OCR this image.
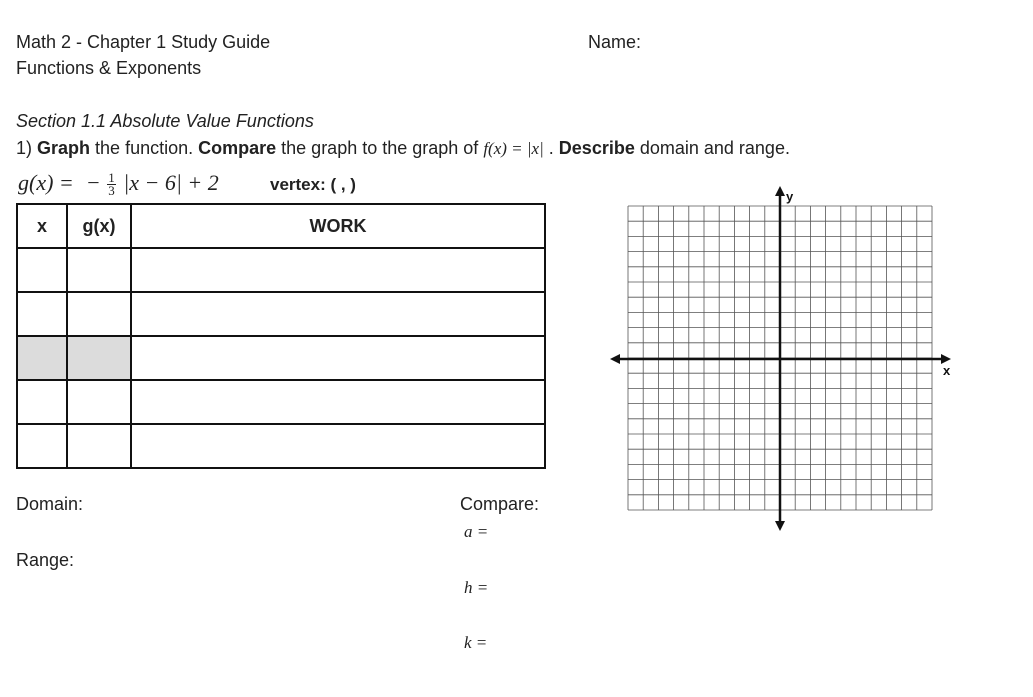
Math 2 - Chapter 1 Study Guide
Functions & Exponents
Name:
Section 1.1 Absolute Value Functions
1) Graph the function. Compare the graph to the graph of f(x) = |x| . Describe domain and range.
g(x) = − $\frac{1}{3} |x - 6| + 2$	vertex: ( , )
x	g(x)	WORK

Domain:
Range:
Compare:
a =
h =
k =
y
x
